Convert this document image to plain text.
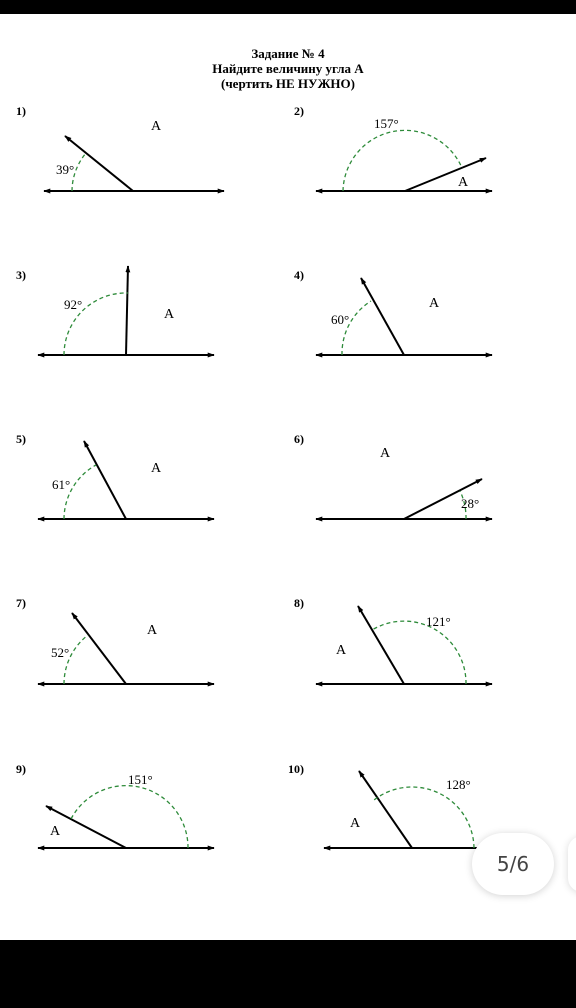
Задание № 4
Найдите величину угла А
(чертить НЕ НУЖНО)
1)	2)
3)	4)
5)	6)
7)	8)
9)	10)
39°
A	157°
A
92°
A	60°
A
61°
A
28°
A
52°
A
121°
A
151°
A
128°
A
5/6
